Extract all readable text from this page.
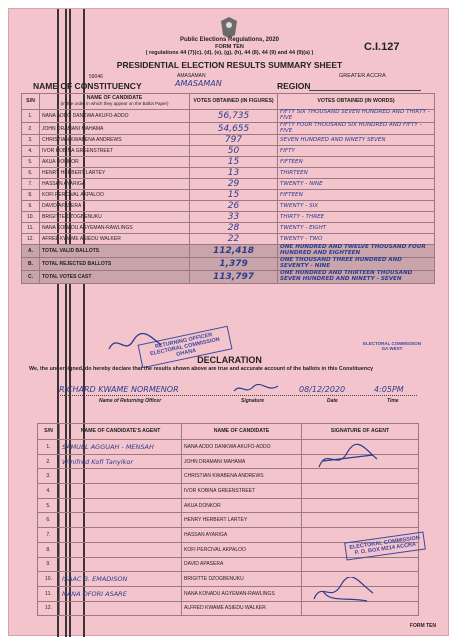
Public Elections Regulations, 2020
FORM TEN
( regulations 44 (7)(c), (d), (e), (g), (h), 44 (8), 44 (9) and 44 (9)(a) )
PRESIDENTIAL ELECTION RESULTS SUMMARY SHEET
C.I.127
59046	AMASAMAN	GREATER ACCRA
NAME OF CONSTITUENCY	AMASAMAN	REGION
S/N	NAME OF CANDIDATE
(In the order in which they appear on the Ballot Paper)	VOTES OBTAINED (IN FIGURES)	VOTES OBTAINED (IN WORDS)
1.	NANA ADDO DANKWA AKUFO-ADDO	56,735	FIFTY SIX THOUSAND SEVEN HUNDRED AND THIRTY - FIVE
2.	JOHN DRAMANI MAHAMA	54,655	FIFTY FOUR THOUSAND SIX HUNDRED AND FIFTY - FIVE
3.	CHRISTIAN KWABENA ANDREWS	797	SEVEN HUNDRED AND NINETY SEVEN
4.	IVOR KOBINA GREENSTREET	50	FIFTY
5.	AKUA DONKOR	15	FIFTEEN
6.	HENRY HERBERT LARTEY	13	THIRTEEN
7.	HASSAN AYARIGA	29	TWENTY - NINE
8.	KOFI PERCIVAL AKPALOO	15	FIFTEEN
9.	DAVID APASERA	26	TWENTY - SIX
10.	BRIGITTE DZOGBENUKU	33	THIRTY - THREE
11.	NANA KONADU AGYEMAN-RAWLINGS	28	TWENTY - EIGHT
12.	AFREE KWAME ASIEDU WALKER	22	TWENTY - TWO
A.	TOTAL VALID BALLOTS	112,418	ONE HUNDRED AND TWELVE THOUSAND FOUR HUNDRED AND EIGHTEEN
B.	TOTAL REJECTED BALLOTS	1,379	ONE THOUSAND THREE HUNDRED AND SEVENTY - NINE
C.	TOTAL VOTES CAST	113,797	ONE HUNDRED AND THIRTEEN THOUSAND SEVEN HUNDRED AND NINETY - SEVEN
RETURNING OFFICER ELECTORAL COMMISSION GHANA
ELECTORAL COMMISSION GA WEST
DECLARATION
We, the undersigned, do hereby declare that the results shown above are true and accurate account of the ballots in this Constituency
RICHARD KWAME NORMENOR	08/12/2020	4:05PM
Name of Returning Officer	Signature	Date	Time
S/N	NAME OF CANDIDATE'S AGENT	NAME OF CANDIDATE	SIGNATURE OF AGENT
1.	SAMUEL AGGUAH - MENSAH	NANA ADDO DANKWA AKUFO-ADDO	
2.	Winifred Kofi Tanyikor	JOHN DRAMANI MAHAMA	
3.		CHRISTIAN KWABENA ANDREWS	
4.		IVOR KOBINA GREENSTREET	
5.		AKUA DONKOR	
6.		HENRY HERBERT LARTEY	
7.		HASSAN AYARIGA	
8.		KOFI PERCIVAL AKPALOO	
9.		DAVID APASERA	
10.	ISAAC B. EMADISON	BRIGITTE DZOGBENUKU	
11.	NANA OFORI ASARE	NANA KONADU AGYEMAN-RAWLINGS	
12.		ALFRED KWAME ASIEDU WALKER	
ELECTORAL COMMISSION P. O. BOX M214 ACCRA
FORM TEN
